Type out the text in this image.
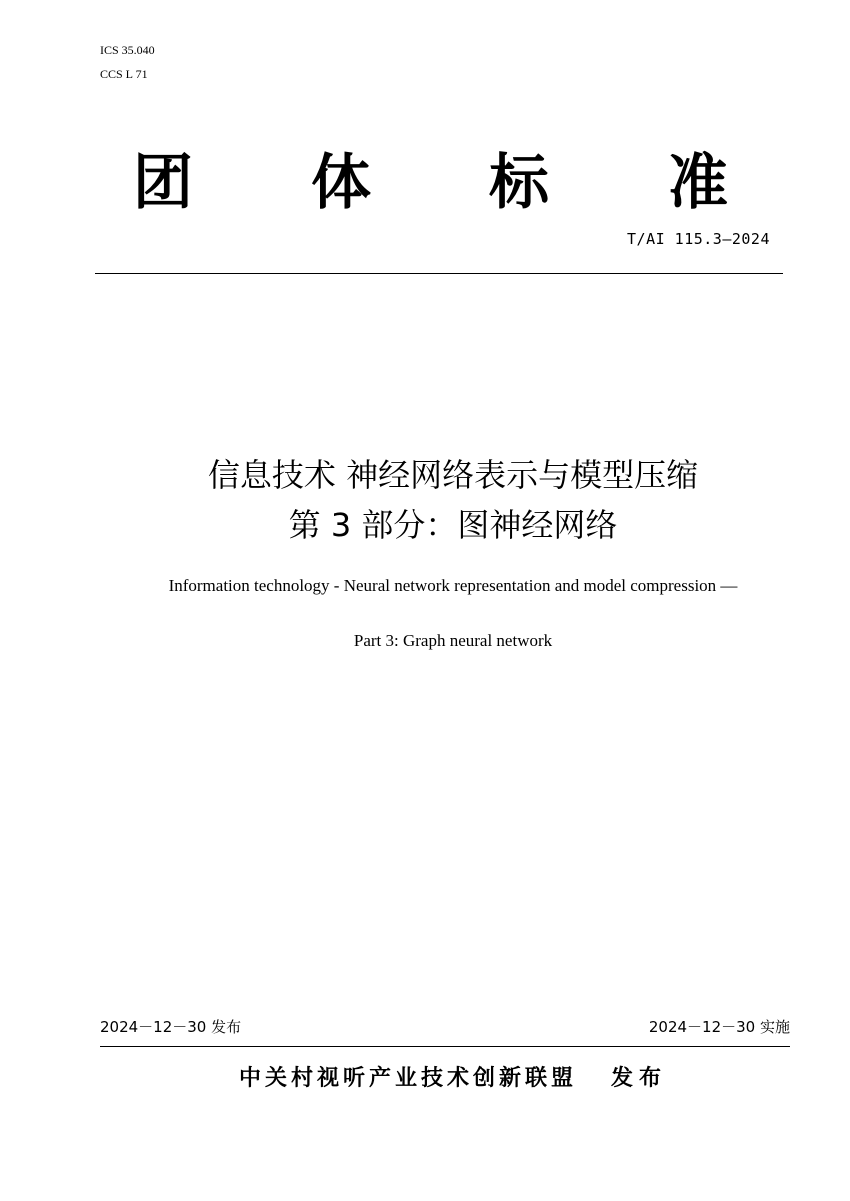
ICS 35.040
CCS L 71
团 体 标 准
T/AI 115.3—2024
信息技术 神经网络表示与模型压缩
第 3 部分：图神经网络
Information technology - Neural network representation and model compression —
Part 3: Graph neural network
2024－12－30 发布	2024－12－30 实施
中关村视听产业技术创新联盟 发布
